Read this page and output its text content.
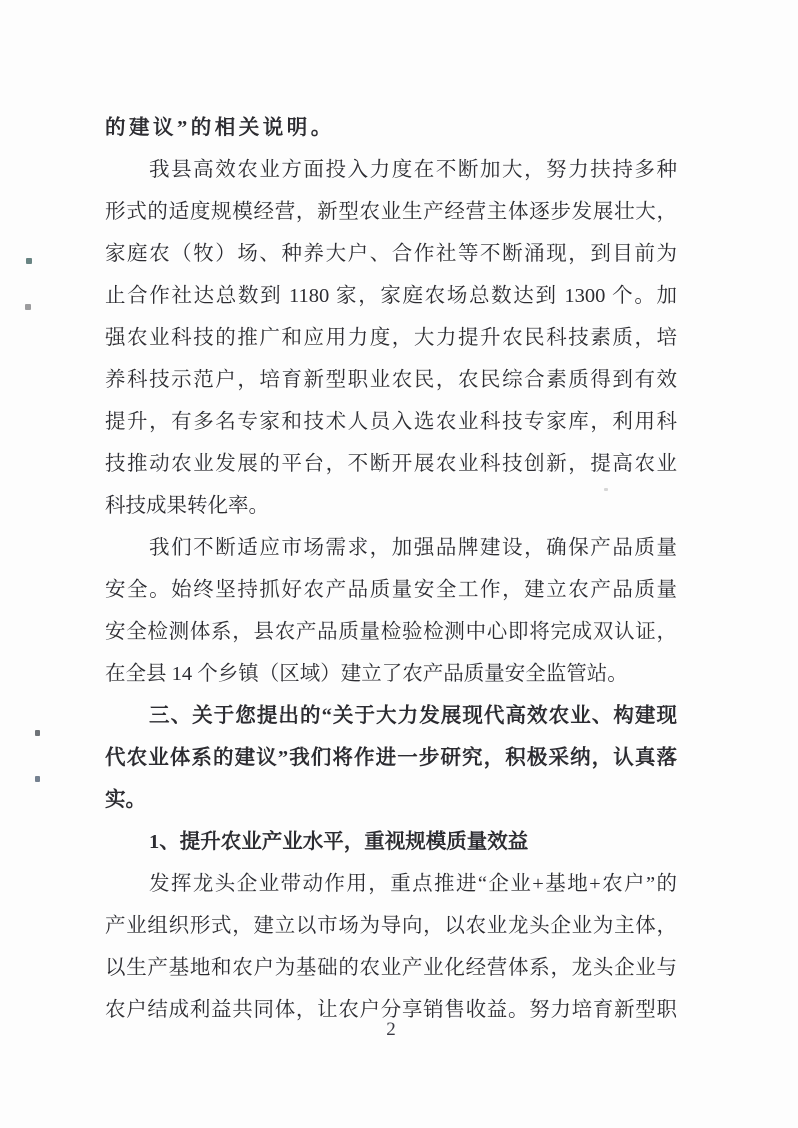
的建议”的相关说明。
我县高效农业方面投入力度在不断加大，努力扶持多种
形式的适度规模经营，新型农业生产经营主体逐步发展壮大，
家庭农（牧）场、种养大户、合作社等不断涌现，到目前为
止合作社达总数到 1180 家，家庭农场总数达到 1300 个。加
强农业科技的推广和应用力度，大力提升农民科技素质，培
养科技示范户，培育新型职业农民，农民综合素质得到有效
提升，有多名专家和技术人员入选农业科技专家库，利用科
技推动农业发展的平台，不断开展农业科技创新，提高农业
科技成果转化率。
我们不断适应市场需求，加强品牌建设，确保产品质量
安全。始终坚持抓好农产品质量安全工作，建立农产品质量
安全检测体系，县农产品质量检验检测中心即将完成双认证，
在全县 14 个乡镇（区域）建立了农产品质量安全监管站。
三、关于您提出的“关于大力发展现代高效农业、构建现
代农业体系的建议”我们将作进一步研究，积极采纳，认真落
实。
1、提升农业产业水平，重视规模质量效益
发挥龙头企业带动作用，重点推进“企业+基地+农户”的
产业组织形式，建立以市场为导向，以农业龙头企业为主体，
以生产基地和农户为基础的农业产业化经营体系，龙头企业与
农户结成利益共同体，让农户分享销售收益。努力培育新型职
2
